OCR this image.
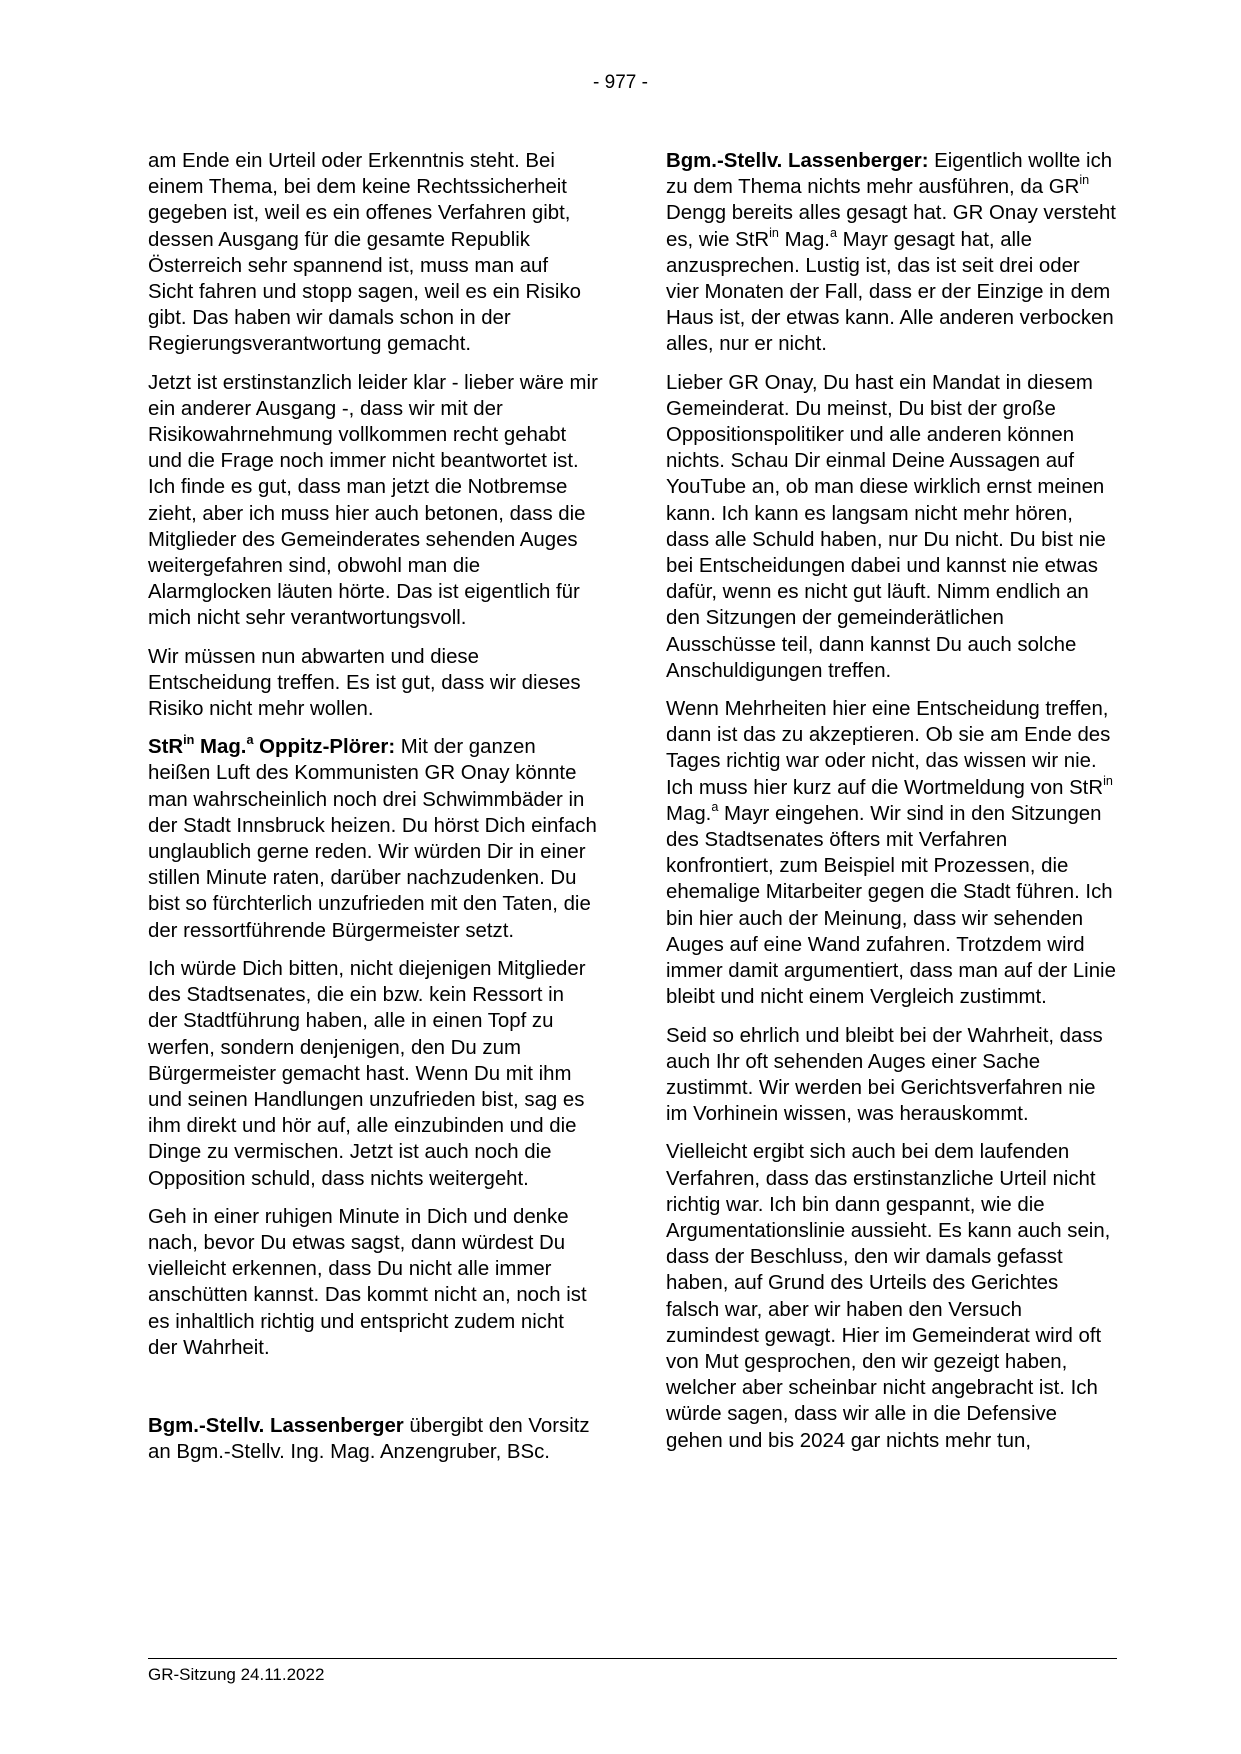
- 977 -

am Ende ein Urteil oder Erkenntnis steht. Bei einem Thema, bei dem keine Rechtssicherheit gegeben ist, weil es ein offenes Verfahren gibt, dessen Ausgang für die gesamte Republik Österreich sehr spannend ist, muss man auf Sicht fahren und stopp sagen, weil es ein Risiko gibt. Das haben wir damals schon in der Regierungsverantwortung gemacht.

Jetzt ist erstinstanzlich leider klar - lieber wäre mir ein anderer Ausgang -, dass wir mit der Risikowahrnehmung vollkommen recht gehabt und die Frage noch immer nicht beantwortet ist. Ich finde es gut, dass man jetzt die Notbremse zieht, aber ich muss hier auch betonen, dass die Mitglieder des Gemeinderates sehenden Auges weitergefahren sind, obwohl man die Alarmglocken läuten hörte. Das ist eigentlich für mich nicht sehr verantwortungsvoll.

Wir müssen nun abwarten und diese Entscheidung treffen. Es ist gut, dass wir dieses Risiko nicht mehr wollen.

StR$^{in}$ Mag.$^a$ Oppitz-Plörer: Mit der ganzen heißen Luft des Kommunisten GR Onay könnte man wahrscheinlich noch drei Schwimmbäder in der Stadt Innsbruck heizen. Du hörst Dich einfach unglaublich gerne reden. Wir würden Dir in einer stillen Minute raten, darüber nachzudenken. Du bist so fürchterlich unzufrieden mit den Taten, die der ressortführende Bürgermeister setzt.

Ich würde Dich bitten, nicht diejenigen Mitglieder des Stadtsenates, die ein bzw. kein Ressort in der Stadtführung haben, alle in einen Topf zu werfen, sondern denjenigen, den Du zum Bürgermeister gemacht hast. Wenn Du mit ihm und seinen Handlungen unzufrieden bist, sag es ihm direkt und hör auf, alle einzubinden und die Dinge zu vermischen. Jetzt ist auch noch die Opposition schuld, dass nichts weitergeht.

Geh in einer ruhigen Minute in Dich und denke nach, bevor Du etwas sagst, dann würdest Du vielleicht erkennen, dass Du nicht alle immer anschütten kannst. Das kommt nicht an, noch ist es inhaltlich richtig und entspricht zudem nicht der Wahrheit.

Bgm.-Stellv. Lassenberger übergibt den Vorsitz an Bgm.-Stellv. Ing. Mag. Anzengruber, BSc.

Bgm.-Stellv. Lassenberger: Eigentlich wollte ich zu dem Thema nichts mehr ausführen, da $GR^{in}$ Dengg bereits alles gesagt hat. GR Onay versteht es, wie StR$^{in}$ Mag.$^a$ Mayr gesagt hat, alle anzusprechen. Lustig ist, das ist seit drei oder vier Monaten der Fall, dass er der Einzige in dem Haus ist, der etwas kann. Alle anderen verbocken alles, nur er nicht.

Lieber GR Onay, Du hast ein Mandat in diesem Gemeinderat. Du meinst, Du bist der große Oppositionspolitiker und alle anderen können nichts. Schau Dir einmal Deine Aussagen auf YouTube an, ob man diese wirklich ernst meinen kann. Ich kann es langsam nicht mehr hören, dass alle Schuld haben, nur Du nicht. Du bist nie bei Entscheidungen dabei und kannst nie etwas dafür, wenn es nicht gut läuft. Nimm endlich an den Sitzungen der gemeinderätlichen Ausschüsse teil, dann kannst Du auch solche Anschuldigungen treffen.

Wenn Mehrheiten hier eine Entscheidung treffen, dann ist das zu akzeptieren. Ob sie am Ende des Tages richtig war oder nicht, das wissen wir nie. Ich muss hier kurz auf die Wortmeldung von StR$^{in}$ Mag.$^a$ Mayr eingehen. Wir sind in den Sitzungen des Stadtsenates öfters mit Verfahren konfrontiert, zum Beispiel mit Prozessen, die ehemalige Mitarbeiter gegen die Stadt führen. Ich bin hier auch der Meinung, dass wir sehenden Auges auf eine Wand zufahren. Trotzdem wird immer damit argumentiert, dass man auf der Linie bleibt und nicht einem Vergleich zustimmt.

Seid so ehrlich und bleibt bei der Wahrheit, dass auch Ihr oft sehenden Auges einer Sache zustimmt. Wir werden bei Gerichtsverfahren nie im Vorhinein wissen, was herauskommt.

Vielleicht ergibt sich auch bei dem laufenden Verfahren, dass das erstinstanzliche Urteil nicht richtig war. Ich bin dann gespannt, wie die Argumentationslinie aussieht. Es kann auch sein, dass der Beschluss, den wir damals gefasst haben, auf Grund des Urteils des Gerichtes falsch war, aber wir haben den Versuch zumindest gewagt. Hier im Gemeinderat wird oft von Mut gesprochen, den wir gezeigt haben, welcher aber scheinbar nicht angebracht ist. Ich würde sagen, dass wir alle in die Defensive gehen und bis 2024 gar nichts mehr tun,

GR-Sitzung 24.11.2022
